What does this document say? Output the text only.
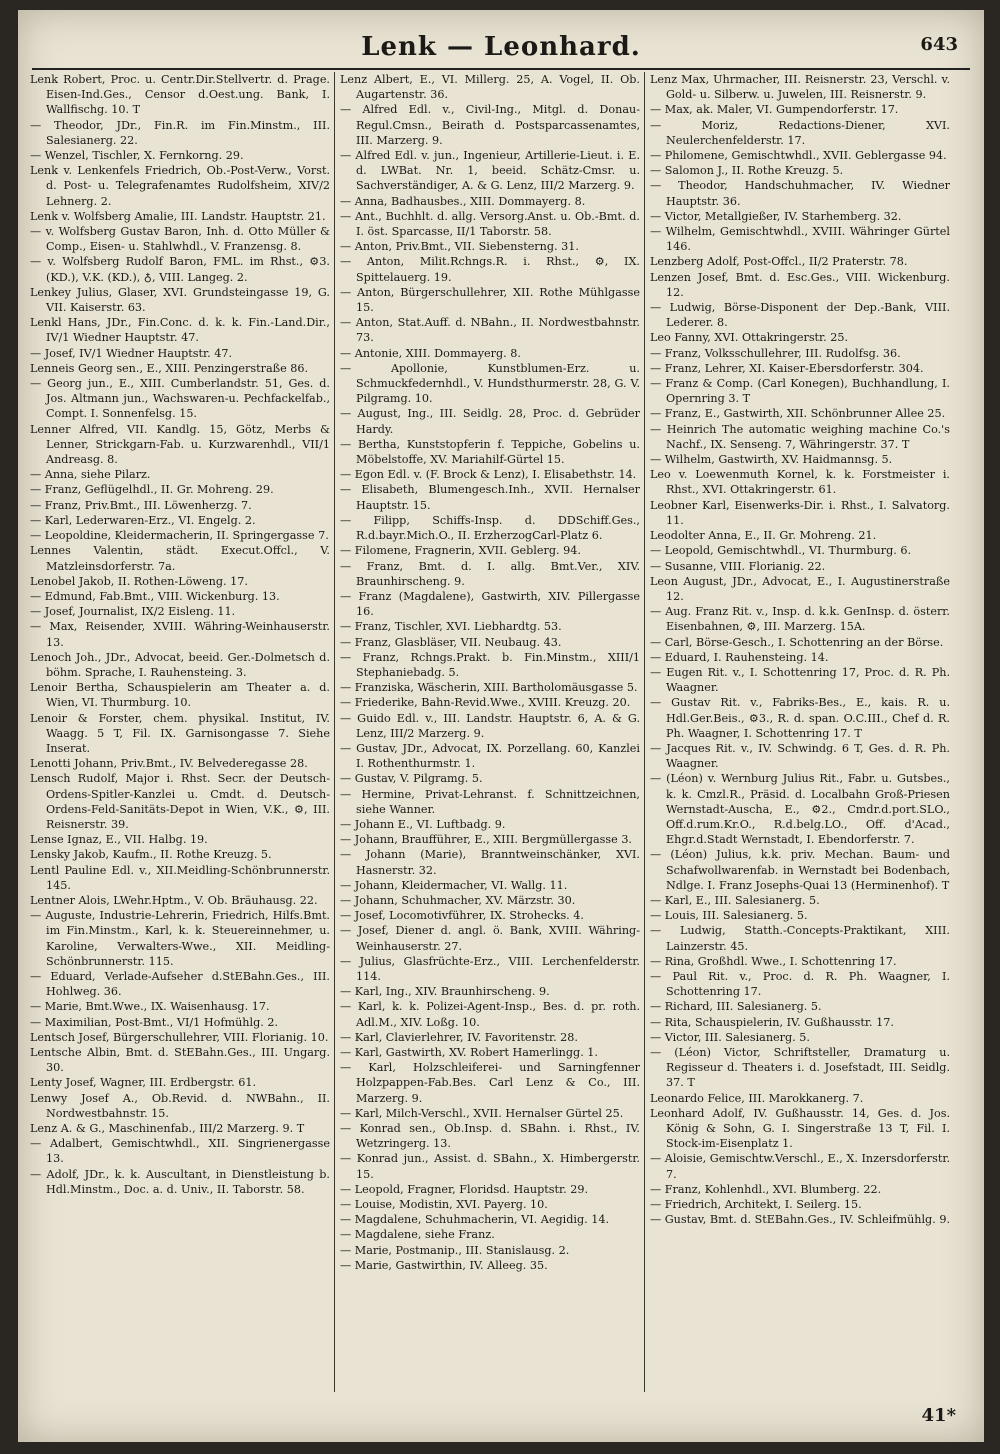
Lenk — Leonhard.	643

Lenk Robert, Proc. u. Centr.Dir.Stellvertr. d. Prage. Eisen-Ind.Ges., Censor d.Oest.ung. Bank, I. Wallfischg. 10. T

— Theodor, JDr., Fin.R. im Fin.Minstm., III. Salesianerg. 22.

— Wenzel, Tischler, X. Fernkorng. 29.

Lenk v. Lenkenfels Friedrich, Ob.-Post-Verw., Vorst. d. Post- u. Telegrafenamtes Rudolfsheim, XIV/2 Lehnerg. 2.

Lenk v. Wolfsberg Amalie, III. Landstr. Hauptstr. 21.

— v. Wolfsberg Gustav Baron, Inh. d. Otto Müller & Comp., Eisen- u. Stahlwhdl., V. Franzensg. 8.

— v. Wolfsberg Rudolf Baron, FML. im Rhst., ⚙3. (KD.), V.K. (KD.), ♁, VIII. Langeg. 2.

Lenkey Julius, Glaser, XVI. Grundsteingasse 19, G. VII. Kaiserstr. 63.

Lenkl Hans, JDr., Fin.Conc. d. k. k. Fin.-Land.Dir., IV/1 Wiedner Hauptstr. 47.

— Josef, IV/1 Wiedner Hauptstr. 47.

Lenneis Georg sen., E., XIII. Penzingerstraße 86.

— Georg jun., E., XIII. Cumberlandstr. 51, Ges. d. Jos. Altmann jun., Wachswaren-u. Pechfackelfab., Compt. I. Sonnenfelsg. 15.

Lenner Alfred, VII. Kandlg. 15, Götz, Merbs & Lenner, Strickgarn-Fab. u. Kurzwarenhdl., VII/1 Andreasg. 8.

— Anna, siehe Pilarz.

— Franz, Geflügelhdl., II. Gr. Mohreng. 29.

— Franz, Priv.Bmt., III. Löwenherzg. 7.

— Karl, Lederwaren-Erz., VI. Engelg. 2.

— Leopoldine, Kleidermacherin, II. Springergasse 7.

Lennes Valentin, städt. Execut.Offcl., V. Matzleinsdorferstr. 7a.

Lenobel Jakob, II. Rothen-Löweng. 17.

— Edmund, Fab.Bmt., VIII. Wickenburg. 13.

— Josef, Journalist, IX/2 Eisleng. 11.

— Max, Reisender, XVIII. Währing-Weinhauserstr. 13.

Lenoch Joh., JDr., Advocat, beeid. Ger.-Dolmetsch d. böhm. Sprache, I. Rauhensteing. 3.

Lenoir Bertha, Schauspielerin am Theater a. d. Wien, VI. Thurmburg. 10.

Lenoir & Forster, chem. physikal. Institut, IV. Waagg. 5 T, Fil. IX. Garnisongasse 7. Siehe Inserat.

Lenotti Johann, Priv.Bmt., IV. Belvederegasse 28.

Lensch Rudolf, Major i. Rhst. Secr. der Deutsch-Ordens-Spitler-Kanzlei u. Cmdt. d. Deutsch-Ordens-Feld-Sanitäts-Depot in Wien, V.K., ⚙, III. Reisnerstr. 39.

Lense Ignaz, E., VII. Halbg. 19.

Lensky Jakob, Kaufm., II. Rothe Kreuzg. 5.

Lentl Pauline Edl. v., XII.Meidling-Schönbrunnerstr. 145.

Lentner Alois, LWehr.Hptm., V. Ob. Bräuhausg. 22.

— Auguste, Industrie-Lehrerin, Friedrich, Hilfs.Bmt. im Fin.Minstm., Karl, k. k. Steuereinnehmer, u. Karoline, Verwalters-Wwe., XII. Meidling-Schönbrunnerstr. 115.

— Eduard, Verlade-Aufseher d.StEBahn.Ges., III. Hohlweg. 36.

— Marie, Bmt.Wwe., IX. Waisenhausg. 17.

— Maximilian, Post-Bmt., VI/1 Hofmühlg. 2.

Lentsch Josef, Bürgerschullehrer, VIII. Florianig. 10.

Lentsche Albin, Bmt. d. StEBahn.Ges., III. Ungarg. 30.

Lenty Josef, Wagner, III. Erdbergstr. 61.

Lenwy Josef A., Ob.Revid. d. NWBahn., II. Nordwestbahnstr. 15.

Lenz A. & G., Maschinenfab., III/2 Marzerg. 9. T

— Adalbert, Gemischtwhdl., XII. Singrienergasse 13.

— Adolf, JDr., k. k. Auscultant, in Dienstleistung b. Hdl.Minstm., Doc. a. d. Univ., II. Taborstr. 58.

Lenz Albert, E., VI. Millerg. 25, A. Vogel, II. Ob. Augartenstr. 36.

— Alfred Edl. v., Civil-Ing., Mitgl. d. Donau-Regul.Cmsn., Beirath d. Postsparcassenamtes, III. Marzerg. 9.

— Alfred Edl. v. jun., Ingenieur, Artillerie-Lieut. i. E. d. LWBat. Nr. 1, beeid. Schätz-Cmsr. u. Sachverständiger, A. & G. Lenz, III/2 Marzerg. 9.

— Anna, Badhausbes., XIII. Dommayerg. 8.

— Ant., Buchhlt. d. allg. Versorg.Anst. u. Ob.-Bmt. d. I. öst. Sparcasse, II/1 Taborstr. 58.

— Anton, Priv.Bmt., VII. Siebensterng. 31.

— Anton, Milit.Rchngs.R. i. Rhst., ⚙, IX. Spittelauerg. 19.

— Anton, Bürgerschullehrer, XII. Rothe Mühlgasse 15.

— Anton, Stat.Auff. d. NBahn., II. Nordwestbahnstr. 73.

— Antonie, XIII. Dommayerg. 8.

— Apollonie, Kunstblumen-Erz. u. Schmuckfedernhdl., V. Hundsthurmerstr. 28, G. V. Pilgramg. 10.

— August, Ing., III. Seidlg. 28, Proc. d. Gebrüder Hardy.

— Bertha, Kunststopferin f. Teppiche, Gobelins u. Möbelstoffe, XV. Mariahilf-Gürtel 15.

— Egon Edl. v. (F. Brock & Lenz), I. Elisabethstr. 14.

— Elisabeth, Blumengesch.Inh., XVII. Hernalser Hauptstr. 15.

— Filipp, Schiffs-Insp. d. DDSchiff.Ges., R.d.bayr.Mich.O., II. ErzherzogCarl-Platz 6.

— Filomene, Fragnerin, XVII. Geblerg. 94.

— Franz, Bmt. d. I. allg. Bmt.Ver., XIV. Braunhirscheng. 9.

— Franz (Magdalene), Gastwirth, XIV. Pillergasse 16.

— Franz, Tischler, XVI. Liebhardtg. 53.

— Franz, Glasbläser, VII. Neubaug. 43.

— Franz, Rchngs.Prakt. b. Fin.Minstm., XIII/1 Stephaniebadg. 5.

— Franziska, Wäscherin, XIII. Bartholomäusgasse 5.

— Friederike, Bahn-Revid.Wwe., XVIII. Kreuzg. 20.

— Guido Edl. v., III. Landstr. Hauptstr. 6, A. & G. Lenz, III/2 Marzerg. 9.

— Gustav, JDr., Advocat, IX. Porzellang. 60, Kanzlei I. Rothenthurmstr. 1.

— Gustav, V. Pilgramg. 5.

— Hermine, Privat-Lehranst. f. Schnittzeichnen, siehe Wanner.

— Johann E., VI. Luftbadg. 9.

— Johann, Braufführer, E., XIII. Bergmüllergasse 3.

— Johann (Marie), Branntweinschänker, XVI. Hasnerstr. 32.

— Johann, Kleidermacher, VI. Wallg. 11.

— Johann, Schuhmacher, XV. Märzstr. 30.

— Josef, Locomotivführer, IX. Strohecks. 4.

— Josef, Diener d. angl. ö. Bank, XVIII. Währing-Weinhauserstr. 27.

— Julius, Glasfrüchte-Erz., VIII. Lerchenfelderstr. 114.

— Karl, Ing., XIV. Braunhirscheng. 9.

— Karl, k. k. Polizei-Agent-Insp., Bes. d. pr. roth. Adl.M., XIV. Loßg. 10.

— Karl, Clavierlehrer, IV. Favoritenstr. 28.

— Karl, Gastwirth, XV. Robert Hamerlingg. 1.

— Karl, Holzschleiferei- und Sarningfenner Holzpappen-Fab.Bes. Carl Lenz & Co., III. Marzerg. 9.

— Karl, Milch-Verschl., XVII. Hernalser Gürtel 25.

— Konrad sen., Ob.Insp. d. SBahn. i. Rhst., IV. Wetzringerg. 13.

— Konrad jun., Assist. d. SBahn., X. Himbergerstr. 15.

— Leopold, Fragner, Floridsd. Hauptstr. 29.

— Louise, Modistin, XVI. Payerg. 10.

— Magdalene, Schuhmacherin, VI. Aegidig. 14.

— Magdalene, siehe Franz.

— Marie, Postmanip., III. Stanislausg. 2.

— Marie, Gastwirthin, IV. Alleeg. 35.

Lenz Max, Uhrmacher, III. Reisnerstr. 23, Verschl. v. Gold- u. Silberw. u. Juwelen, III. Reisnerstr. 9.

— Max, ak. Maler, VI. Gumpendorferstr. 17.

— Moriz, Redactions-Diener, XVI. Neulerchenfelderstr. 17.

— Philomene, Gemischtwhdl., XVII. Geblergasse 94.

— Salomon J., II. Rothe Kreuzg. 5.

— Theodor, Handschuhmacher, IV. Wiedner Hauptstr. 36.

— Victor, Metallgießer, IV. Starhemberg. 32.

— Wilhelm, Gemischtwhdl., XVIII. Währinger Gürtel 146.

Lenzberg Adolf, Post-Offcl., II/2 Praterstr. 78.

Lenzen Josef, Bmt. d. Esc.Ges., VIII. Wickenburg. 12.

— Ludwig, Börse-Disponent der Dep.-Bank, VIII. Lederer. 8.

Leo Fanny, XVI. Ottakringerstr. 25.

— Franz, Volksschullehrer, III. Rudolfsg. 36.

— Franz, Lehrer, XI. Kaiser-Ebersdorferstr. 304.

— Franz & Comp. (Carl Konegen), Buchhandlung, I. Opernring 3. T

— Franz, E., Gastwirth, XII. Schönbrunner Allee 25.

— Heinrich The automatic weighing machine Co.'s Nachf., IX. Senseng. 7, Währingerstr. 37. T

— Wilhelm, Gastwirth, XV. Haidmannsg. 5.

Leo v. Loewenmuth Kornel, k. k. Forstmeister i. Rhst., XVI. Ottakringerstr. 61.

Leobner Karl, Eisenwerks-Dir. i. Rhst., I. Salvatorg. 11.

Leodolter Anna, E., II. Gr. Mohreng. 21.

— Leopold, Gemischtwhdl., VI. Thurmburg. 6.

— Susanne, VIII. Florianig. 22.

Leon August, JDr., Advocat, E., I. Augustinerstraße 12.

— Aug. Franz Rit. v., Insp. d. k.k. GenInsp. d. österr. Eisenbahnen, ⚙, III. Marzerg. 15A.

— Carl, Börse-Gesch., I. Schottenring an der Börse.

— Eduard, I. Rauhensteing. 14.

— Eugen Rit. v., I. Schottenring 17, Proc. d. R. Ph. Waagner.

— Gustav Rit. v., Fabriks-Bes., E., kais. R. u. Hdl.Ger.Beis., ⚙3., R. d. span. O.C.III., Chef d. R. Ph. Waagner, I. Schottenring 17. T

— Jacques Rit. v., IV. Schwindg. 6 T, Ges. d. R. Ph. Waagner.

— (Léon) v. Wernburg Julius Rit., Fabr. u. Gutsbes., k. k. Cmzl.R., Präsid. d. Localbahn Groß-Priesen Wernstadt-Auscha, E., ⚙2., Cmdr.d.port.SLO., Off.d.rum.Kr.O., R.d.belg.LO., Off. d'Acad., Ehgr.d.Stadt Wernstadt, I. Ebendorferstr. 7.

— (Léon) Julius, k.k. priv. Mechan. Baum- und Schafwollwarenfab. in Wernstadt bei Bodenbach, Ndlge. I. Franz Josephs-Quai 13 (Herminenhof). T

— Karl, E., III. Salesianerg. 5.

— Louis, III. Salesianerg. 5.

— Ludwig, Statth.-Concepts-Praktikant, XIII. Lainzerstr. 45.

— Rina, Großhdl. Wwe., I. Schottenring 17.

— Paul Rit. v., Proc. d. R. Ph. Waagner, I. Schottenring 17.

— Richard, III. Salesianerg. 5.

— Rita, Schauspielerin, IV. Gußhausstr. 17.

— Victor, III. Salesianerg. 5.

— (Léon) Victor, Schriftsteller, Dramaturg u. Regisseur d. Theaters i. d. Josefstadt, III. Seidlg. 37. T

Leonardo Felice, III. Marokkanerg. 7.

Leonhard Adolf, IV. Gußhausstr. 14, Ges. d. Jos. König & Sohn, G. I. Singerstraße 13 T, Fil. I. Stock-im-Eisenplatz 1.

— Aloisie, Gemischtw.Verschl., E., X. Inzersdorferstr. 7.

— Franz, Kohlenhdl., XVI. Blumberg. 22.

— Friedrich, Architekt, I. Seilerg. 15.

— Gustav, Bmt. d. StEBahn.Ges., IV. Schleifmühlg. 9.

41*
